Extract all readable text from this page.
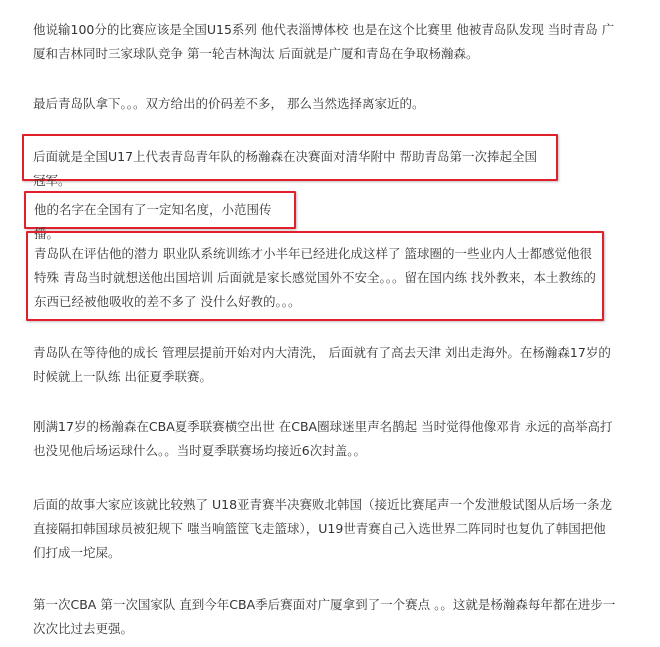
他说输100分的比赛应该是全国U15系列 他代表淄博体校 也是在这个比赛里 他被青岛队发现 当时青岛 广厦和吉林同时三家球队竞争 第一轮吉林淘汰 后面就是广厦和青岛在争取杨瀚森。

最后青岛队拿下。。。双方给出的价码差不多， 那么当然选择离家近的。

后面就是全国U17上代表青岛青年队的杨瀚森在决赛面对清华附中 帮助青岛第一次捧起全国冠军。

他的名字在全国有了一定知名度，小范围传播。

青岛队在评估他的潜力 职业队系统训练才小半年已经进化成这样了 篮球圈的一些业内人士都感觉他很特殊 青岛当时就想送他出国培训 后面就是家长感觉国外不安全。。。留在国内练 找外教来，本土教练的东西已经被他吸收的差不多了 没什么好教的。。。

青岛队在等待他的成长 管理层提前开始对内大清洗， 后面就有了高去天津 刘出走海外。在杨瀚森17岁的时候就上一队练 出征夏季联赛。

刚满17岁的杨瀚森在CBA夏季联赛横空出世 在CBA圈球迷里声名鹊起 当时觉得他像邓肯 永远的高举高打 也没见他后场运球什么。。当时夏季联赛场均接近6次封盖。。

后面的故事大家应该就比较熟了 U18亚青赛半决赛败北韩国（接近比赛尾声一个发泄般试图从后场一条龙直接隔扣韩国球员被犯规下 嗤当响篮筐飞走篮球），U19世青赛自己入选世界二阵同时也复仇了韩国把他们打成一坨屎。

第一次CBA 第一次国家队 直到今年CBA季后赛面对广厦拿到了一个赛点 。。这就是杨瀚森每年都在进步一次次比过去更强。
